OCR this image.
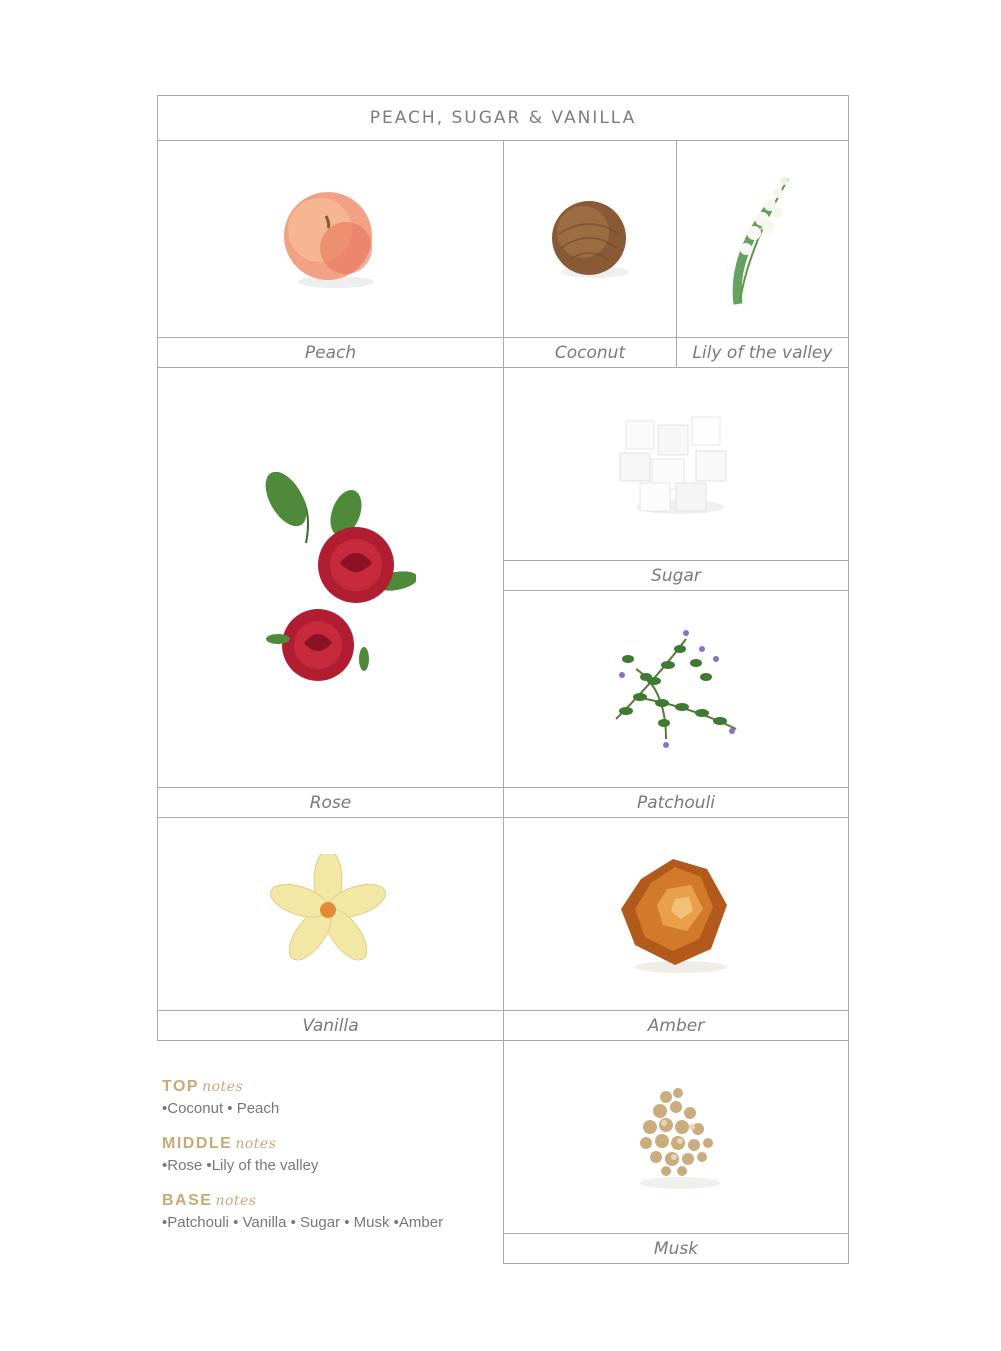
PEACH, SUGAR & VANILLA
Peach	Coconut	Lily of the valley
Sugar
Rose	Patchouli
Vanilla	Amber

TOP notes

•Coconut • Peach

MIDDLE notes

•Rose •Lily of the valley

BASE notes

•Patchouli • Vanilla • Sugar • Musk •Amber

Musk
